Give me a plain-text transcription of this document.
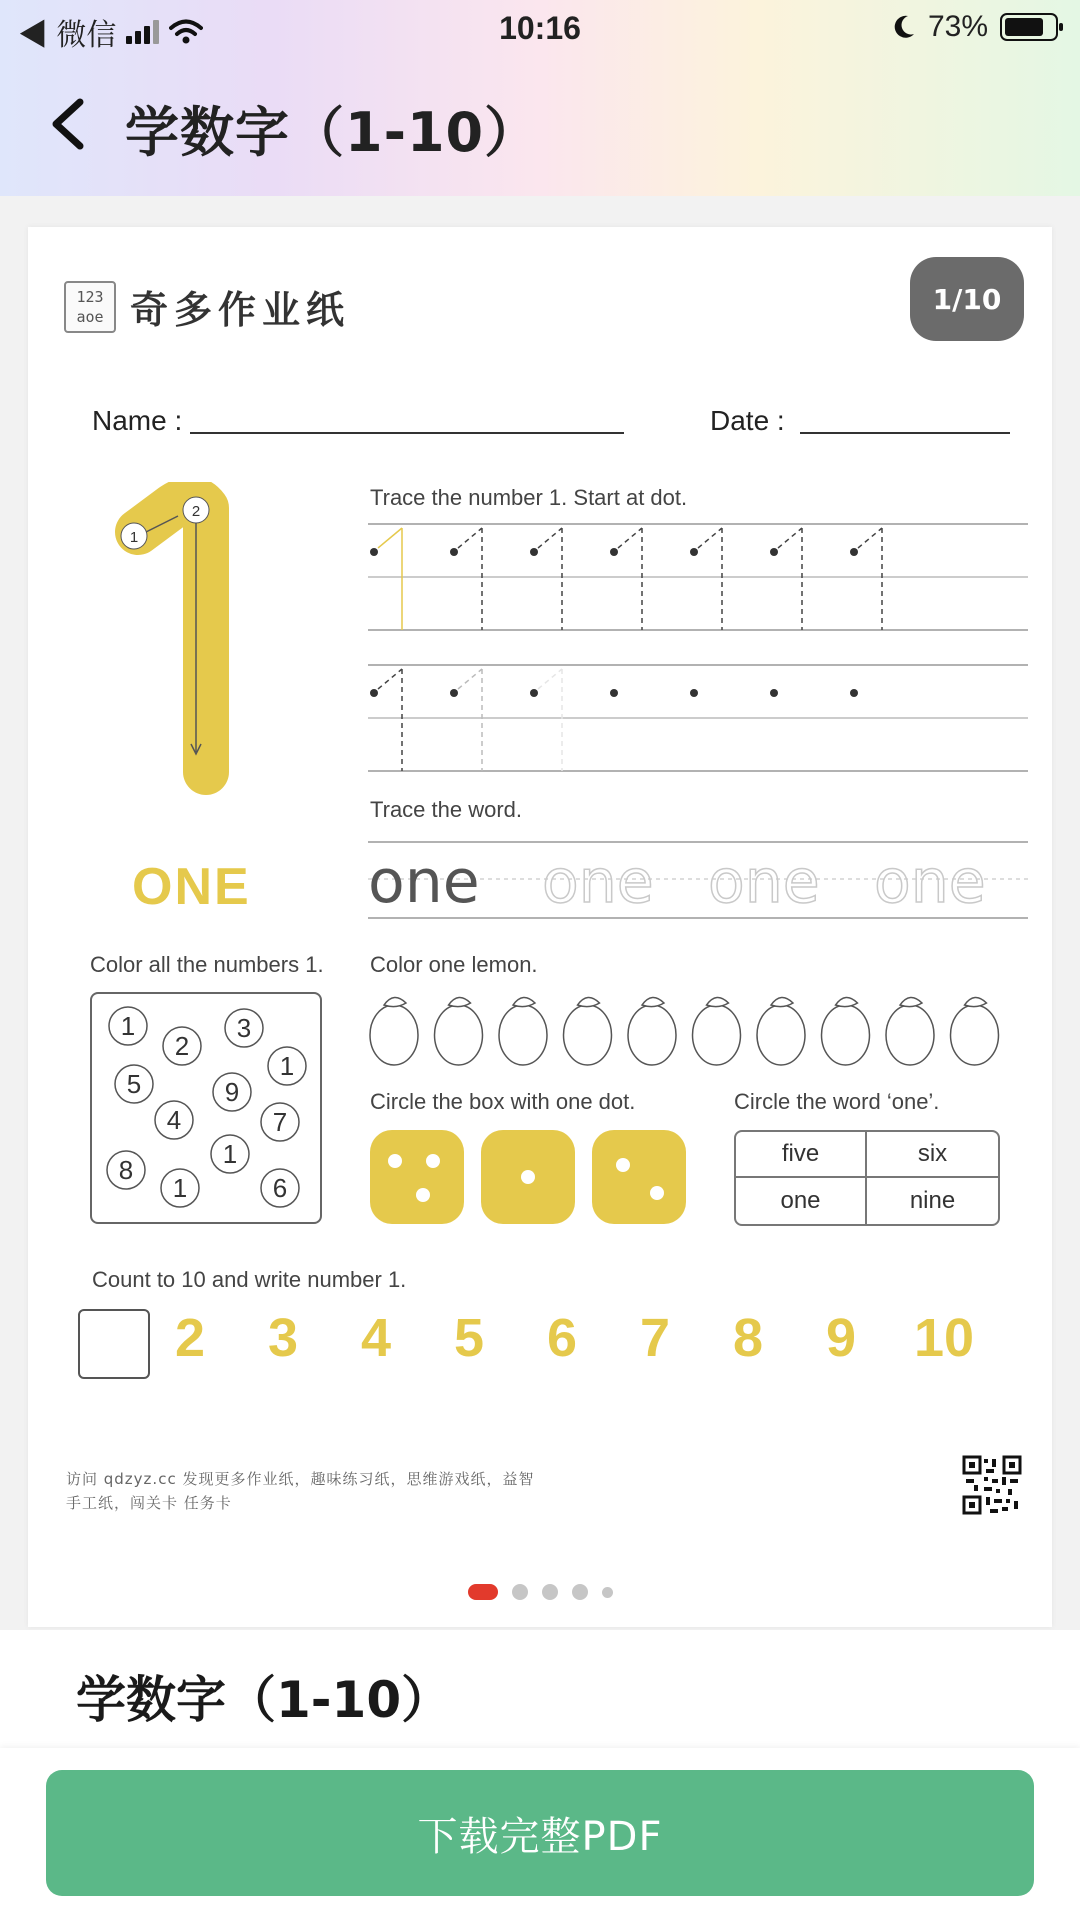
◀ 微信	10:16	73%
学数字（1-10）
123
aoe 奇多作业纸	1/10
Name :	Date :
1
2
ONE
Trace the number 1. Start at dot.
Trace the word.
one one one one
Color all the numbers 1.
1
2
3
1
5	9
4	7
8
1
1	6
Color one lemon.
Circle the box with one dot.	Circle the word ‘one’.
five	six
one	nine
Count to 10 and write number 1.
2	3	4	5	6	7	8	9	10
访问 qdzyz.cc 发现更多作业纸，趣味练习纸，思维游戏纸，益智手工纸，闯关卡 任务卡
学数字（1-10）
下载完整PDF
